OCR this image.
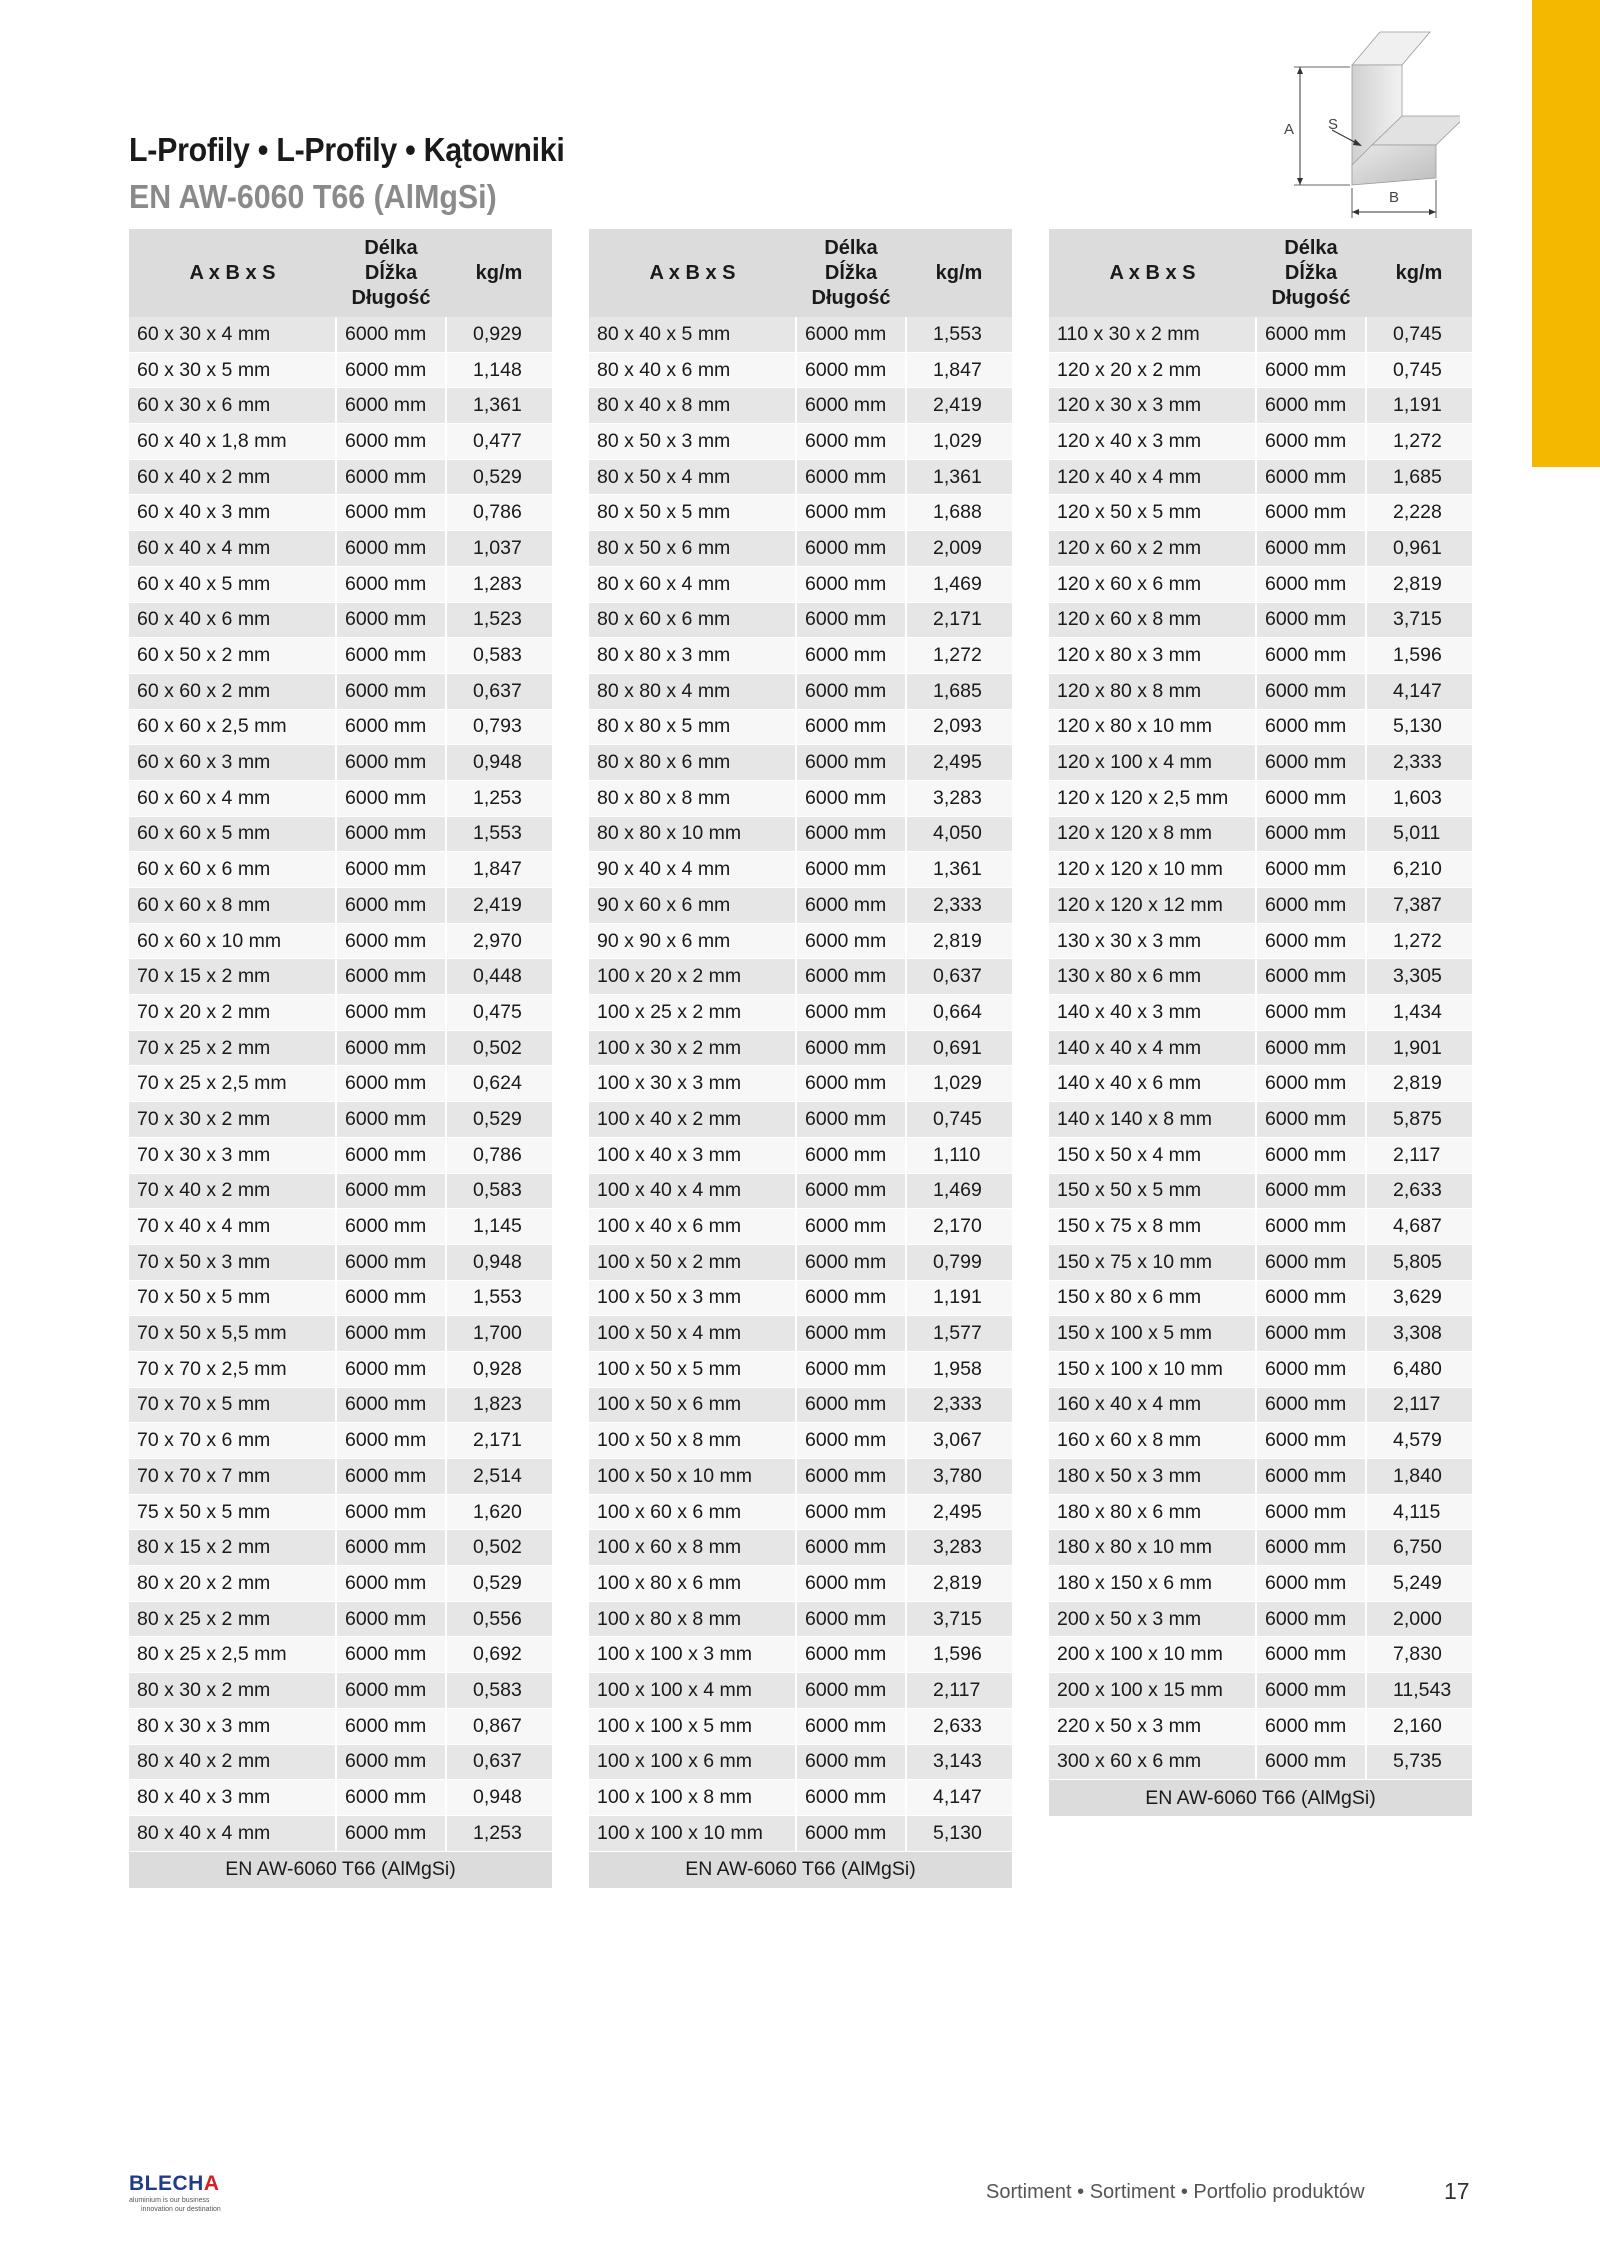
L-Profily • L-Profily • Kątowniki
EN AW-6060 T66 (AlMgSi)
A S
B
A x B x S	Délka
Dĺžka
Długość	kg/m
60 x 30 x 4 mm	6000 mm	0,929
60 x 30 x 5 mm	6000 mm	1,148
60 x 30 x 6 mm	6000 mm	1,361
60 x 40 x 1,8 mm	6000 mm	0,477
60 x 40 x 2 mm	6000 mm	0,529
60 x 40 x 3 mm	6000 mm	0,786
60 x 40 x 4 mm	6000 mm	1,037
60 x 40 x 5 mm	6000 mm	1,283
60 x 40 x 6 mm	6000 mm	1,523
60 x 50 x 2 mm	6000 mm	0,583
60 x 60 x 2 mm	6000 mm	0,637
60 x 60 x 2,5 mm	6000 mm	0,793
60 x 60 x 3 mm	6000 mm	0,948
60 x 60 x 4 mm	6000 mm	1,253
60 x 60 x 5 mm	6000 mm	1,553
60 x 60 x 6 mm	6000 mm	1,847
60 x 60 x 8 mm	6000 mm	2,419
60 x 60 x 10 mm	6000 mm	2,970
70 x 15 x 2 mm	6000 mm	0,448
70 x 20 x 2 mm	6000 mm	0,475
70 x 25 x 2 mm	6000 mm	0,502
70 x 25 x 2,5 mm	6000 mm	0,624
70 x 30 x 2 mm	6000 mm	0,529
70 x 30 x 3 mm	6000 mm	0,786
70 x 40 x 2 mm	6000 mm	0,583
70 x 40 x 4 mm	6000 mm	1,145
70 x 50 x 3 mm	6000 mm	0,948
70 x 50 x 5 mm	6000 mm	1,553
70 x 50 x 5,5 mm	6000 mm	1,700
70 x 70 x 2,5 mm	6000 mm	0,928
70 x 70 x 5 mm	6000 mm	1,823
70 x 70 x 6 mm	6000 mm	2,171
70 x 70 x 7 mm	6000 mm	2,514
75 x 50 x 5 mm	6000 mm	1,620
80 x 15 x 2 mm	6000 mm	0,502
80 x 20 x 2 mm	6000 mm	0,529
80 x 25 x 2 mm	6000 mm	0,556
80 x 25 x 2,5 mm	6000 mm	0,692
80 x 30 x 2 mm	6000 mm	0,583
80 x 30 x 3 mm	6000 mm	0,867
80 x 40 x 2 mm	6000 mm	0,637
80 x 40 x 3 mm	6000 mm	0,948
80 x 40 x 4 mm	6000 mm	1,253
EN AW-6060 T66 (AlMgSi)		
A x B x S	Délka
Dĺžka
Długość	kg/m
80 x 40 x 5 mm	6000 mm	1,553
80 x 40 x 6 mm	6000 mm	1,847
80 x 40 x 8 mm	6000 mm	2,419
80 x 50 x 3 mm	6000 mm	1,029
80 x 50 x 4 mm	6000 mm	1,361
80 x 50 x 5 mm	6000 mm	1,688
80 x 50 x 6 mm	6000 mm	2,009
80 x 60 x 4 mm	6000 mm	1,469
80 x 60 x 6 mm	6000 mm	2,171
80 x 80 x 3 mm	6000 mm	1,272
80 x 80 x 4 mm	6000 mm	1,685
80 x 80 x 5 mm	6000 mm	2,093
80 x 80 x 6 mm	6000 mm	2,495
80 x 80 x 8 mm	6000 mm	3,283
80 x 80 x 10 mm	6000 mm	4,050
90 x 40 x 4 mm	6000 mm	1,361
90 x 60 x 6 mm	6000 mm	2,333
90 x 90 x 6 mm	6000 mm	2,819
100 x 20 x 2 mm	6000 mm	0,637
100 x 25 x 2 mm	6000 mm	0,664
100 x 30 x 2 mm	6000 mm	0,691
100 x 30 x 3 mm	6000 mm	1,029
100 x 40 x 2 mm	6000 mm	0,745
100 x 40 x 3 mm	6000 mm	1,110
100 x 40 x 4 mm	6000 mm	1,469
100 x 40 x 6 mm	6000 mm	2,170
100 x 50 x 2 mm	6000 mm	0,799
100 x 50 x 3 mm	6000 mm	1,191
100 x 50 x 4 mm	6000 mm	1,577
100 x 50 x 5 mm	6000 mm	1,958
100 x 50 x 6 mm	6000 mm	2,333
100 x 50 x 8 mm	6000 mm	3,067
100 x 50 x 10 mm	6000 mm	3,780
100 x 60 x 6 mm	6000 mm	2,495
100 x 60 x 8 mm	6000 mm	3,283
100 x 80 x 6 mm	6000 mm	2,819
100 x 80 x 8 mm	6000 mm	3,715
100 x 100 x 3 mm	6000 mm	1,596
100 x 100 x 4 mm	6000 mm	2,117
100 x 100 x 5 mm	6000 mm	2,633
100 x 100 x 6 mm	6000 mm	3,143
100 x 100 x 8 mm	6000 mm	4,147
100 x 100 x 10 mm	6000 mm	5,130
EN AW-6060 T66 (AlMgSi)		
A x B x S	Délka
Dĺžka
Długość	kg/m
110 x 30 x 2 mm	6000 mm	0,745
120 x 20 x 2 mm	6000 mm	0,745
120 x 30 x 3 mm	6000 mm	1,191
120 x 40 x 3 mm	6000 mm	1,272
120 x 40 x 4 mm	6000 mm	1,685
120 x 50 x 5 mm	6000 mm	2,228
120 x 60 x 2 mm	6000 mm	0,961
120 x 60 x 6 mm	6000 mm	2,819
120 x 60 x 8 mm	6000 mm	3,715
120 x 80 x 3 mm	6000 mm	1,596
120 x 80 x 8 mm	6000 mm	4,147
120 x 80 x 10 mm	6000 mm	5,130
120 x 100 x 4 mm	6000 mm	2,333
120 x 120 x 2,5 mm	6000 mm	1,603
120 x 120 x 8 mm	6000 mm	5,011
120 x 120 x 10 mm	6000 mm	6,210
120 x 120 x 12 mm	6000 mm	7,387
130 x 30 x 3 mm	6000 mm	1,272
130 x 80 x 6 mm	6000 mm	3,305
140 x 40 x 3 mm	6000 mm	1,434
140 x 40 x 4 mm	6000 mm	1,901
140 x 40 x 6 mm	6000 mm	2,819
140 x 140 x 8 mm	6000 mm	5,875
150 x 50 x 4 mm	6000 mm	2,117
150 x 50 x 5 mm	6000 mm	2,633
150 x 75 x 8 mm	6000 mm	4,687
150 x 75 x 10 mm	6000 mm	5,805
150 x 80 x 6 mm	6000 mm	3,629
150 x 100 x 5 mm	6000 mm	3,308
150 x 100 x 10 mm	6000 mm	6,480
160 x 40 x 4 mm	6000 mm	2,117
160 x 60 x 8 mm	6000 mm	4,579
180 x 50 x 3 mm	6000 mm	1,840
180 x 80 x 6 mm	6000 mm	4,115
180 x 80 x 10 mm	6000 mm	6,750
180 x 150 x 6 mm	6000 mm	5,249
200 x 50 x 3 mm	6000 mm	2,000
200 x 100 x 10 mm	6000 mm	7,830
200 x 100 x 15 mm	6000 mm	11,543
220 x 50 x 3 mm	6000 mm	2,160
300 x 60 x 6 mm	6000 mm	5,735
EN AW-6060 T66 (AlMgSi)		
BLECHA
aluminium is our business
innovation our destination
Sortiment • Sortiment • Portfolio produktów	17
